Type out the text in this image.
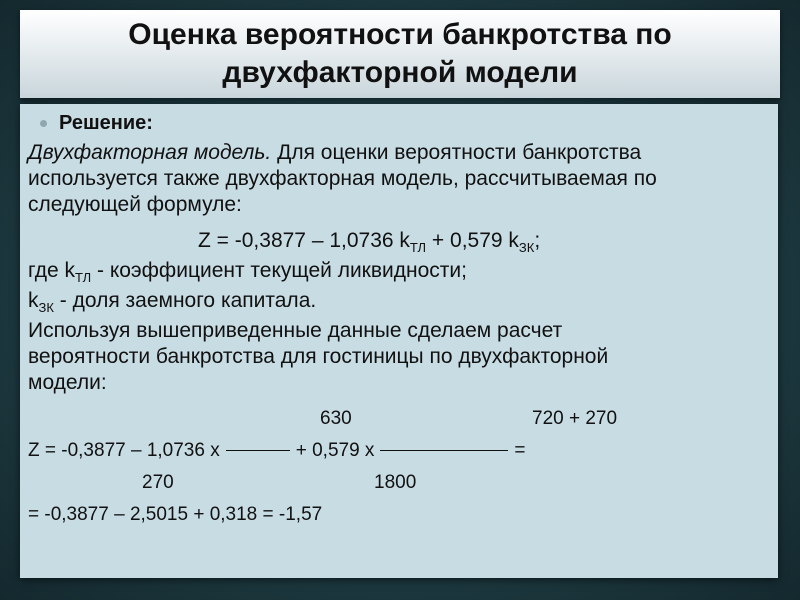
Оценка вероятности банкротства по
двухфакторной модели
Решение:
Двухфакторная модель. Для оценки вероятности банкротства
используется также двухфакторная модель, рассчитываемая по
следующей формуле:
Z = -0,3877 – 1,0736 $k_{ТЛ} + 0,579$ $k_{ЗК}$;
где $k_{ТЛ}$ - коэффициент текущей ликвидности;
$k_{ЗК}$ - доля заемного капитала.
Используя вышеприведенные данные сделаем расчет
вероятности банкротства для гостиницы по двухфакторной
модели:
630	720 + 270
Z = -0,3877 – 1,0736 х	+ 0,579 х	=
270	1800
= -0,3877 – 2,5015 + 0,318 = -1,57
